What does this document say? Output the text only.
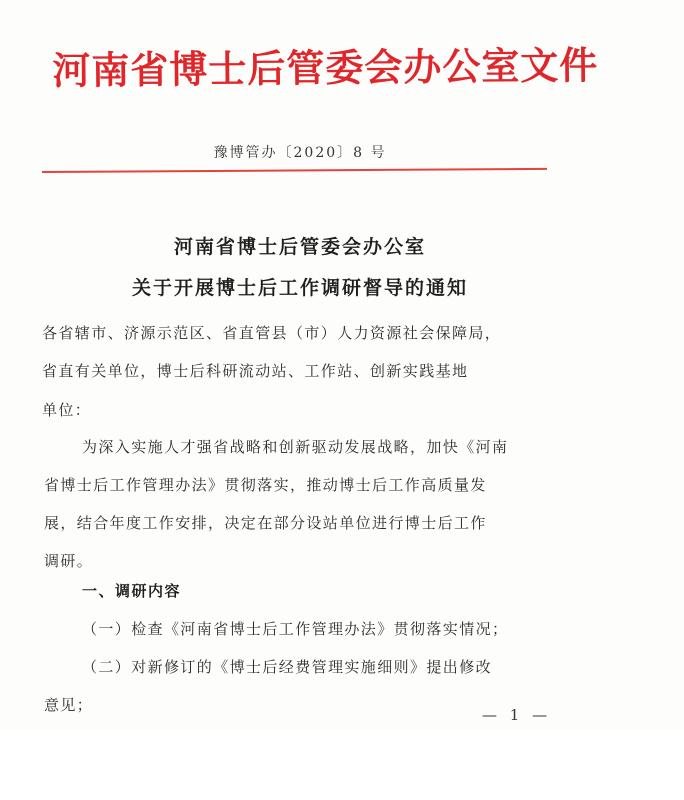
河南省博士后管委会办公室文件
豫博管办〔2020〕8 号
河南省博士后管委会办公室
关于开展博士后工作调研督导的通知
各省辖市、济源示范区、省直管县（市）人力资源社会保障局，
省直有关单位，博士后科研流动站、工作站、创新实践基地
单位：
为深入实施人才强省战略和创新驱动发展战略，加快《河南
省博士后工作管理办法》贯彻落实，推动博士后工作高质量发
展，结合年度工作安排，决定在部分设站单位进行博士后工作
调研。
一、调研内容
（一）检查《河南省博士后工作管理办法》贯彻落实情况；
（二）对新修订的《博士后经费管理实施细则》提出修改
意见；
— 1 —
